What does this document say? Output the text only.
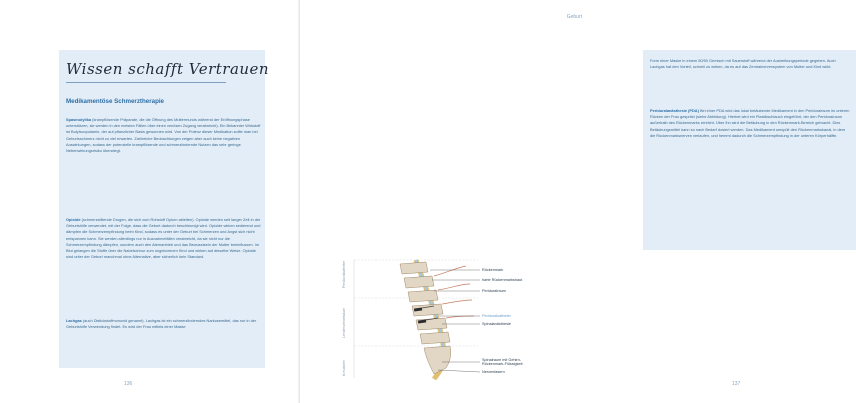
Wissen schafft Vertrauen
Medikamentöse Schmerztherapie

Spasmolytika (krampflösende Präparate, die die Öffnung des Muttermunds während der Eröffnungsphase unterstützen, sie werden in den meisten Fällen über einen venösen Zugang verabreicht). Ein Bekannter Wirkstoff ist Butylscopolamin, der auf pflanzlicher Basis gewonnen wird. Von der Potenz dieser Medikation sollte man bei Geburtsschmerz nicht zu viel erwarten. Zahlreiche Beobachtungen zeigen aber auch keine negativen Auswirkungen, sodass der potenzielle krampflösende und schmerzlindernde Nutzen das sehr geringe Nebenwirkungsrisiko überwiegt.

Opioide (schmerzstillende Drogen, die sich vom Rohstoff Opium ableiten). Opioide werden seit langer Zeit in der Geburtshilfe verwendet, mit der Folge, dass die Geburt dadurch beschleunigt wird. Opioide wirken sedierend und dämpfen die Schmerzempfindung beim Kind, sodass es unter der Geburt bei Schmerzen und Angst sich nicht entspannen kann. Sie werden allerdings nur in Ausnahmefällen verabreicht, da sie nicht nur die Schmerzempfindung dämpfen, sondern auch den Atemantrieb und das Bewusstsein der Mutter beeinflussen. Im Blut gelangen die Stoffe über die Nabelschnur zum ungeborenen Kind und wirken auf dieselbe Weise. Opioide sind unter der Geburt manchmal ohne Alternative, aber sicherlich kein Standard.

Lachgas (auch Distickstoffmonoxid genannt). Lachgas ist ein schmerzlinderndes Narkosemittel, das nur in der Geburtshilfe Verwendung findet. Es wird der Frau mittels einer Maske

136
Geburt

Form einer Maske in einem 50/50 Gemisch mit Sauerstoff während der Austreibungsperiode gegeben. Auch Lachgas hat den Vorteil, schnell zu wirken, da es auf das Zentralnervensystem von Mutter und Kind wirkt.

Periduralanästhesie (PDA) Bei einer PDA wird das lokal betäubende Medikament in den Periduralraum im unteren Rücken der Frau gespritzt (siehe Abbildung). Hierbei wird ein Plastikschlauch eingeführt, der den Periduralraum außerhalb des Rückenmarks erreicht. Über ihn wird die Betäubung in den Rückenmark-Bereich gebracht. Dies Betäubungsmittel kann so nach Bedarf dosiert werden. Das Medikament umspült den Rückenmarkskanal, in dem die Rückenmarksnerven verlaufen, und hemmt dadurch die Schmerzempfindung in der unteren Körperhälfte.

137
Rückenmark
harte Rückenmarkshaut
Periduralraum
Periduralkatheter
Spinalanästhesie
Spinalraum mit Gehirn-Rückenmark-Flüssigkeit
Nervenfasern
Periduralkatheter
Lendenwirbelsäule
Kreuzbein
